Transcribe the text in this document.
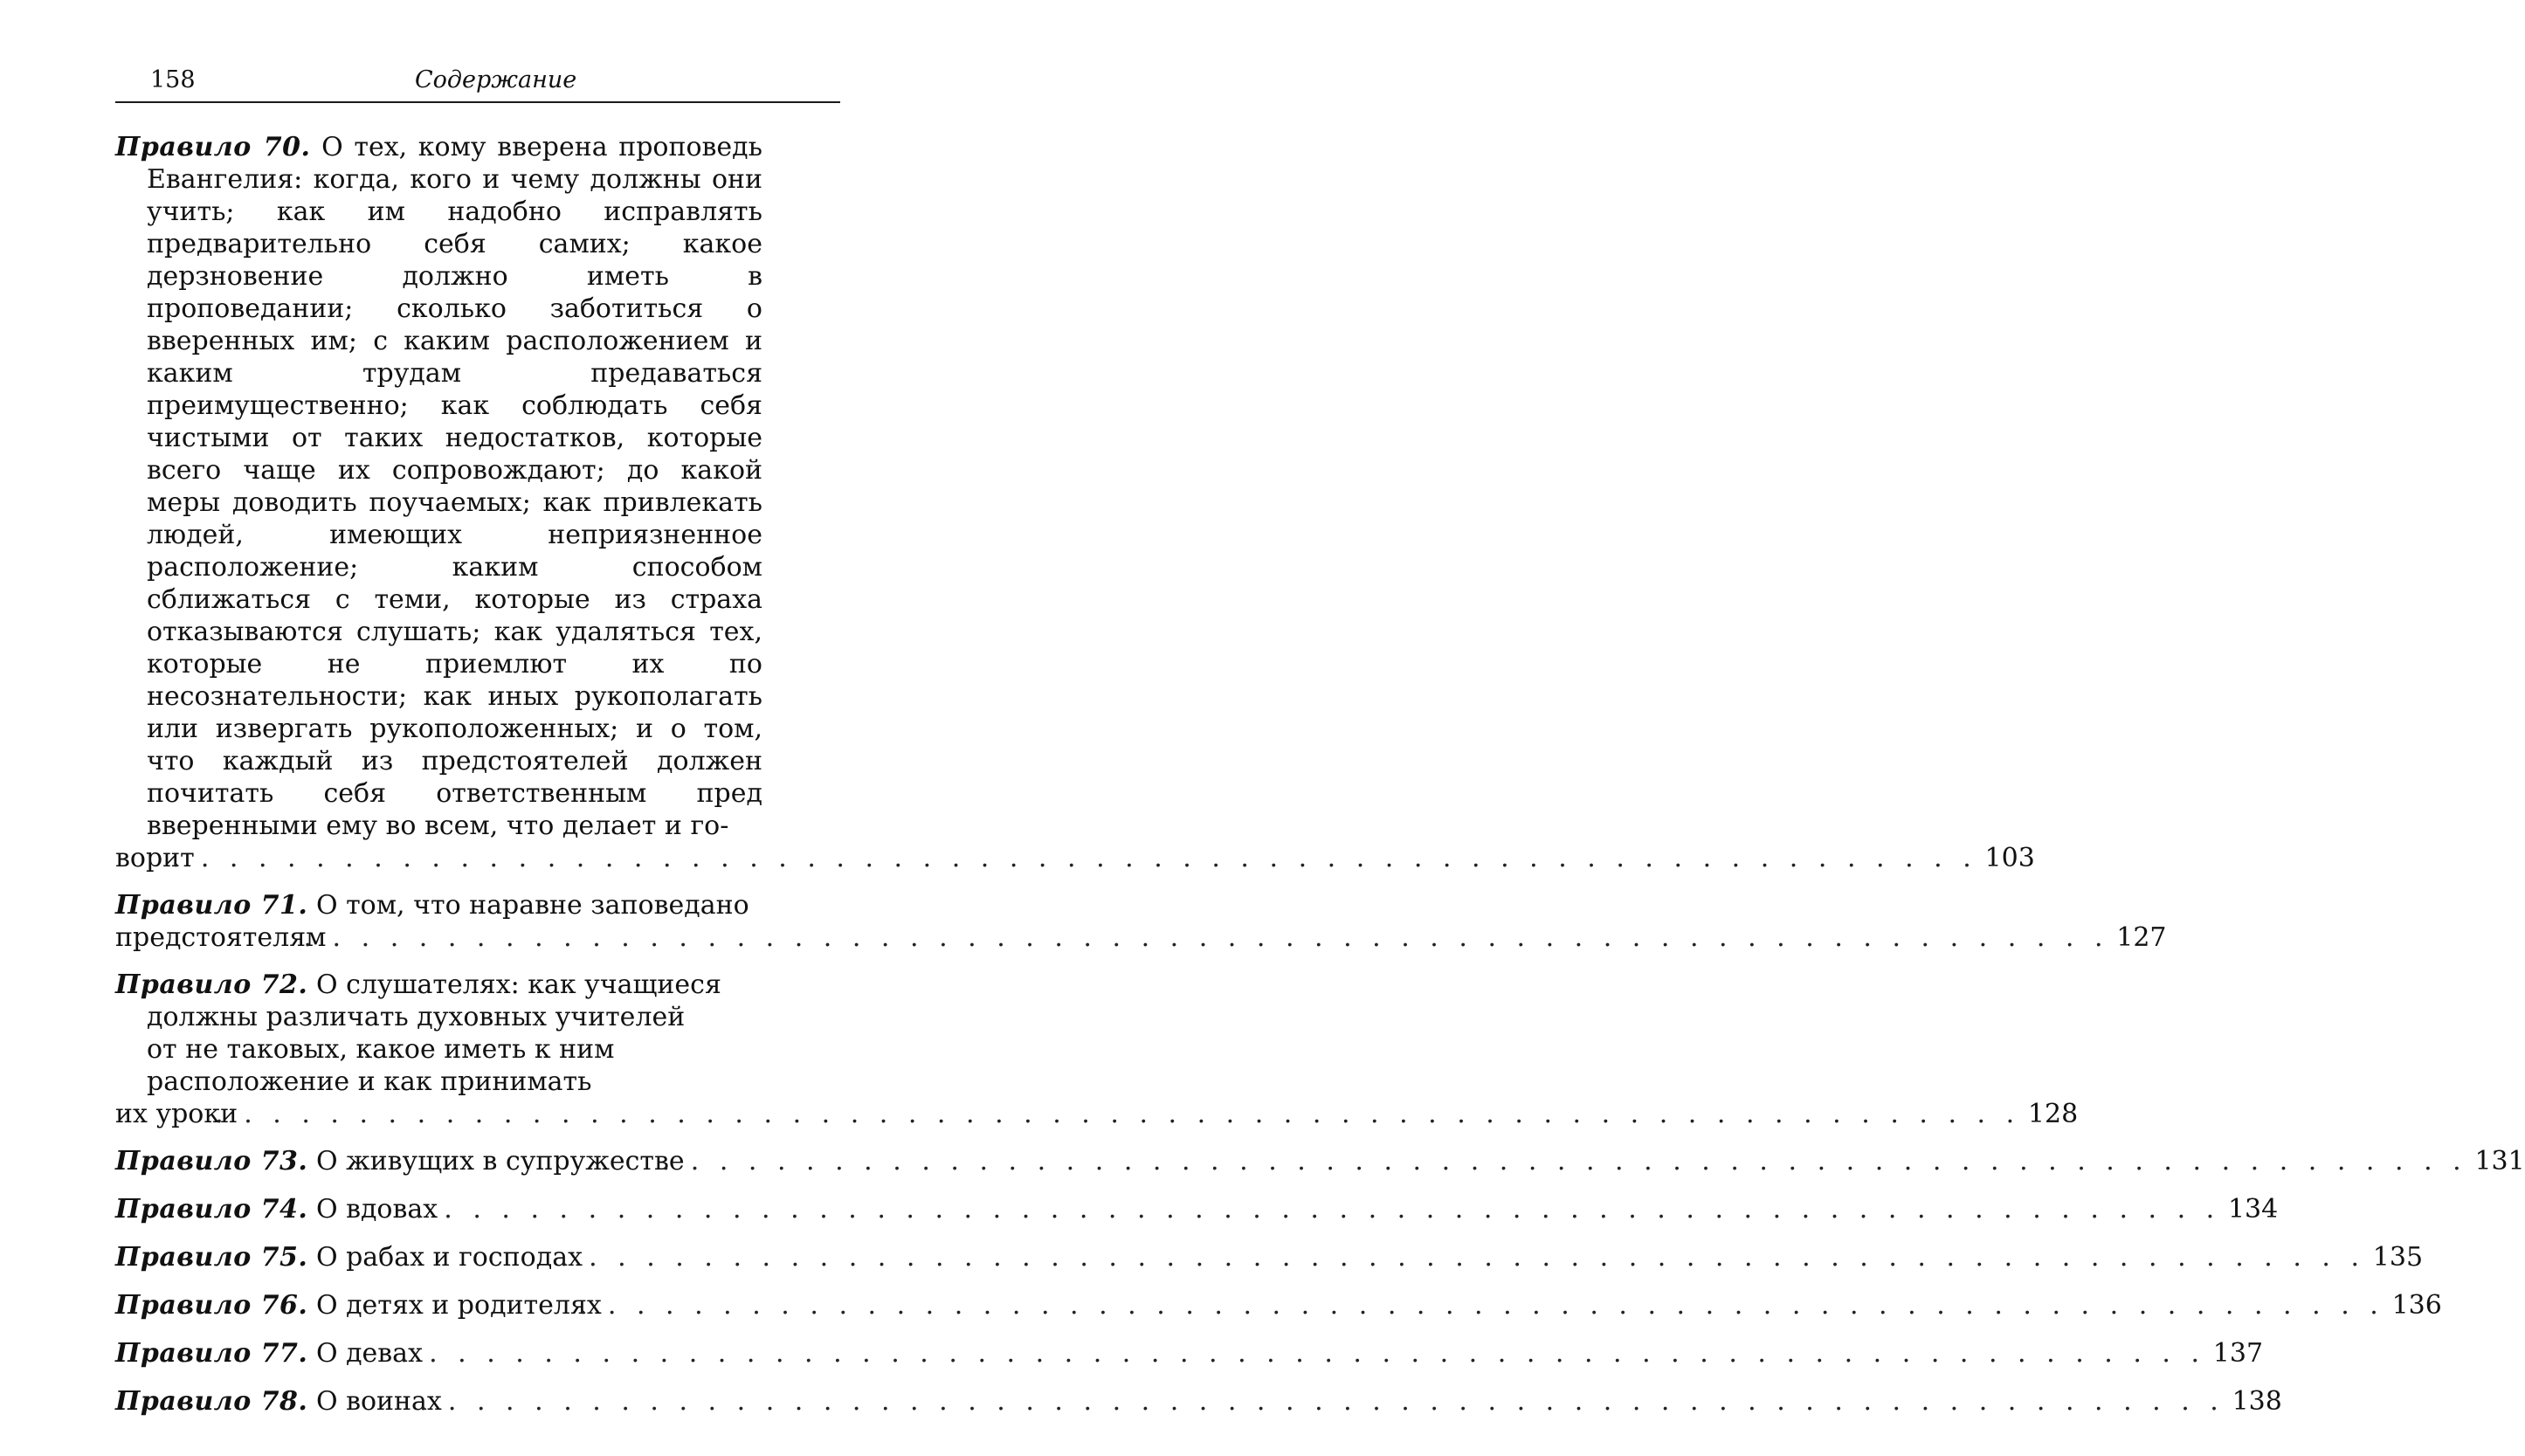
158	Содержание
Правило 70. О тех, кому вверена проповедь Евангелия: когда, кого и чему должны они учить; как им надобно исправлять предварительно себя самих; какое дерзновение должно иметь в проповедании; сколько заботиться о вверенных им; с каким расположением и каким трудам предаваться преимущественно; как соблюдать себя чистыми от таких недостатков, которые всего чаще их сопровождают; до какой меры доводить поучаемых; как привлекать людей, имеющих неприязненное расположение; каким способом сближаться с теми, которые из страха отказываются слушать; как удаляться тех, которые не приемлют их по несознательности; как иных рукополагать или извергать рукоположенных; и о том, что каждый из предстоятелей должен почитать себя ответственным пред вверенными ему во всем, что делает и го-
ворит
. . . . . . . . . . . . . . . . . . . . . . . . . . . . . . . . . . . . . . . . . . . . . . . . . . . . . . . . . . . . . . . 103
Правило 71. О том, что наравне заповедано
предстоятелям
. . . . . . . . . . . . . . . . . . . . . . . . . . . . . . . . . . . . . . . . . . . . . . . . . . . . . . . . . . . . . . . 127
Правило 72. О слушателях: как учащиеся должны различать духовных учителей от не таковых, какое иметь к ним расположение и как принимать
их уроки
. . . . . . . . . . . . . . . . . . . . . . . . . . . . . . . . . . . . . . . . . . . . . . . . . . . . . . . . . . . . . . . 128
Правило 73. О живущих в супружестве
. . . . . . . . . . . . . . . . . . . . . . . . . . . . . . . . . . . . . . . . . . . . . . . . . . . . . . . . . . . . . . . 131
Правило 74. О вдовах
. . . . . . . . . . . . . . . . . . . . . . . . . . . . . . . . . . . . . . . . . . . . . . . . . . . . . . . . . . . . . . . 134
Правило 75. О рабах и господах
. . . . . . . . . . . . . . . . . . . . . . . . . . . . . . . . . . . . . . . . . . . . . . . . . . . . . . . . . . . . . . . 135
Правило 76. О детях и родителях
. . . . . . . . . . . . . . . . . . . . . . . . . . . . . . . . . . . . . . . . . . . . . . . . . . . . . . . . . . . . . . . 136
Правило 77. О девах
. . . . . . . . . . . . . . . . . . . . . . . . . . . . . . . . . . . . . . . . . . . . . . . . . . . . . . . . . . . . . . . 137
Правило 78. О воинах
. . . . . . . . . . . . . . . . . . . . . . . . . . . . . . . . . . . . . . . . . . . . . . . . . . . . . . . . . . . . . . . 138
